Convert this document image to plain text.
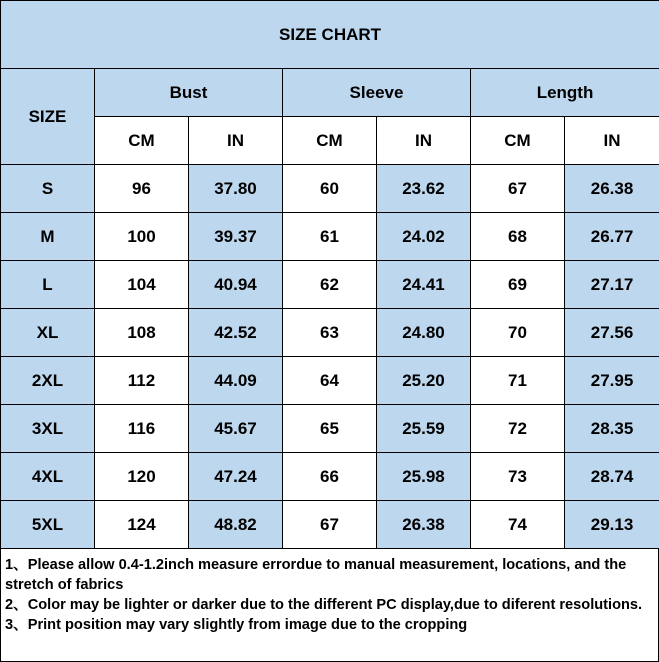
SIZE CHART						
SIZE	Bust		Sleeve		Length	
	CM	IN	CM	IN	CM	IN
S	96	37.80	60	23.62	67	26.38
M	100	39.37	61	24.02	68	26.77
L	104	40.94	62	24.41	69	27.17
XL	108	42.52	63	24.80	70	27.56
2XL	112	44.09	64	25.20	71	27.95
3XL	116	45.67	65	25.59	72	28.35
4XL	120	47.24	66	25.98	73	28.74
5XL	124	48.82	67	26.38	74	29.13
1、Please allow 0.4-1.2inch measure errordue to manual measurement, locations, and the stretch of fabrics
2、Color may be lighter or darker due to the different PC display,due to diferent resolutions.
3、Print position may vary slightly from image due to the cropping
